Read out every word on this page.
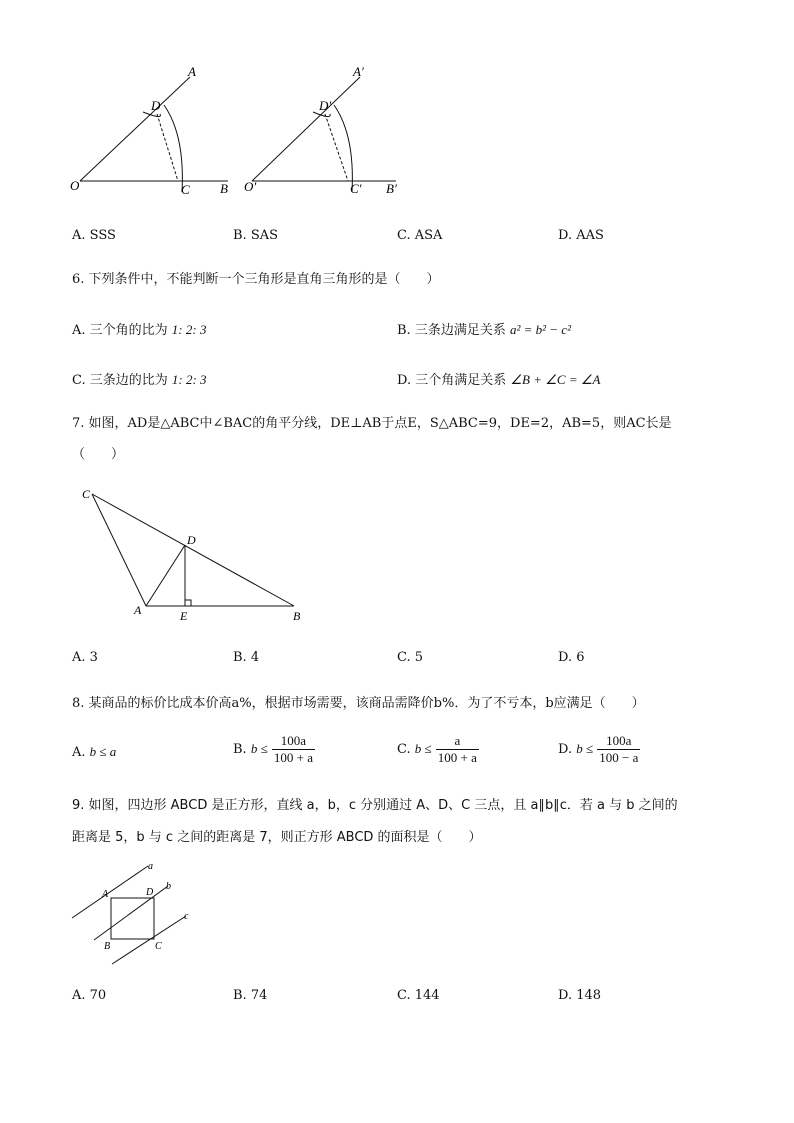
A
D
O	C B
A′
D′
O′	C′ B′
A. SSS	B. SAS	C. ASA	D. AAS
6. 下列条件中，不能判断一个三角形是直角三角形的是（　　）
A. 三个角的比为 1: 2: 3	B. 三条边满足关系 a² = b² − c²
C. 三条边的比为 1: 2: 3	D. 三个角满足关系 ∠B + ∠C = ∠A
7. 如图，AD是△ABC中∠BAC的角平分线，DE⊥AB于点E，S△ABC=9，DE=2，AB=5，则AC长是
（　　）
C
D
A	E	B
A. 3	B. 4	C. 5	D. 6
8. 某商品的标价比成本价高a%，根据市场需要，该商品需降价b%．为了不亏本，b应满足（　　）
A. b ≤ a	B. $b \le \frac{100a}{100 + a}$	C. $b \le \frac{a}{100 + a}$	D. $b \le \frac{100a}{100 - a}$
9. 如图，四边形 ABCD 是正方形，直线 a，b，c 分别通过 A、D、C 三点，且 a∥b∥c．若 a 与 b 之间的
距离是 5，b 与 c 之间的距离是 7，则正方形 ABCD 的面积是（　　）
a
b
c
A	D
B	C
A. 70	B. 74	C. 144	D. 148
